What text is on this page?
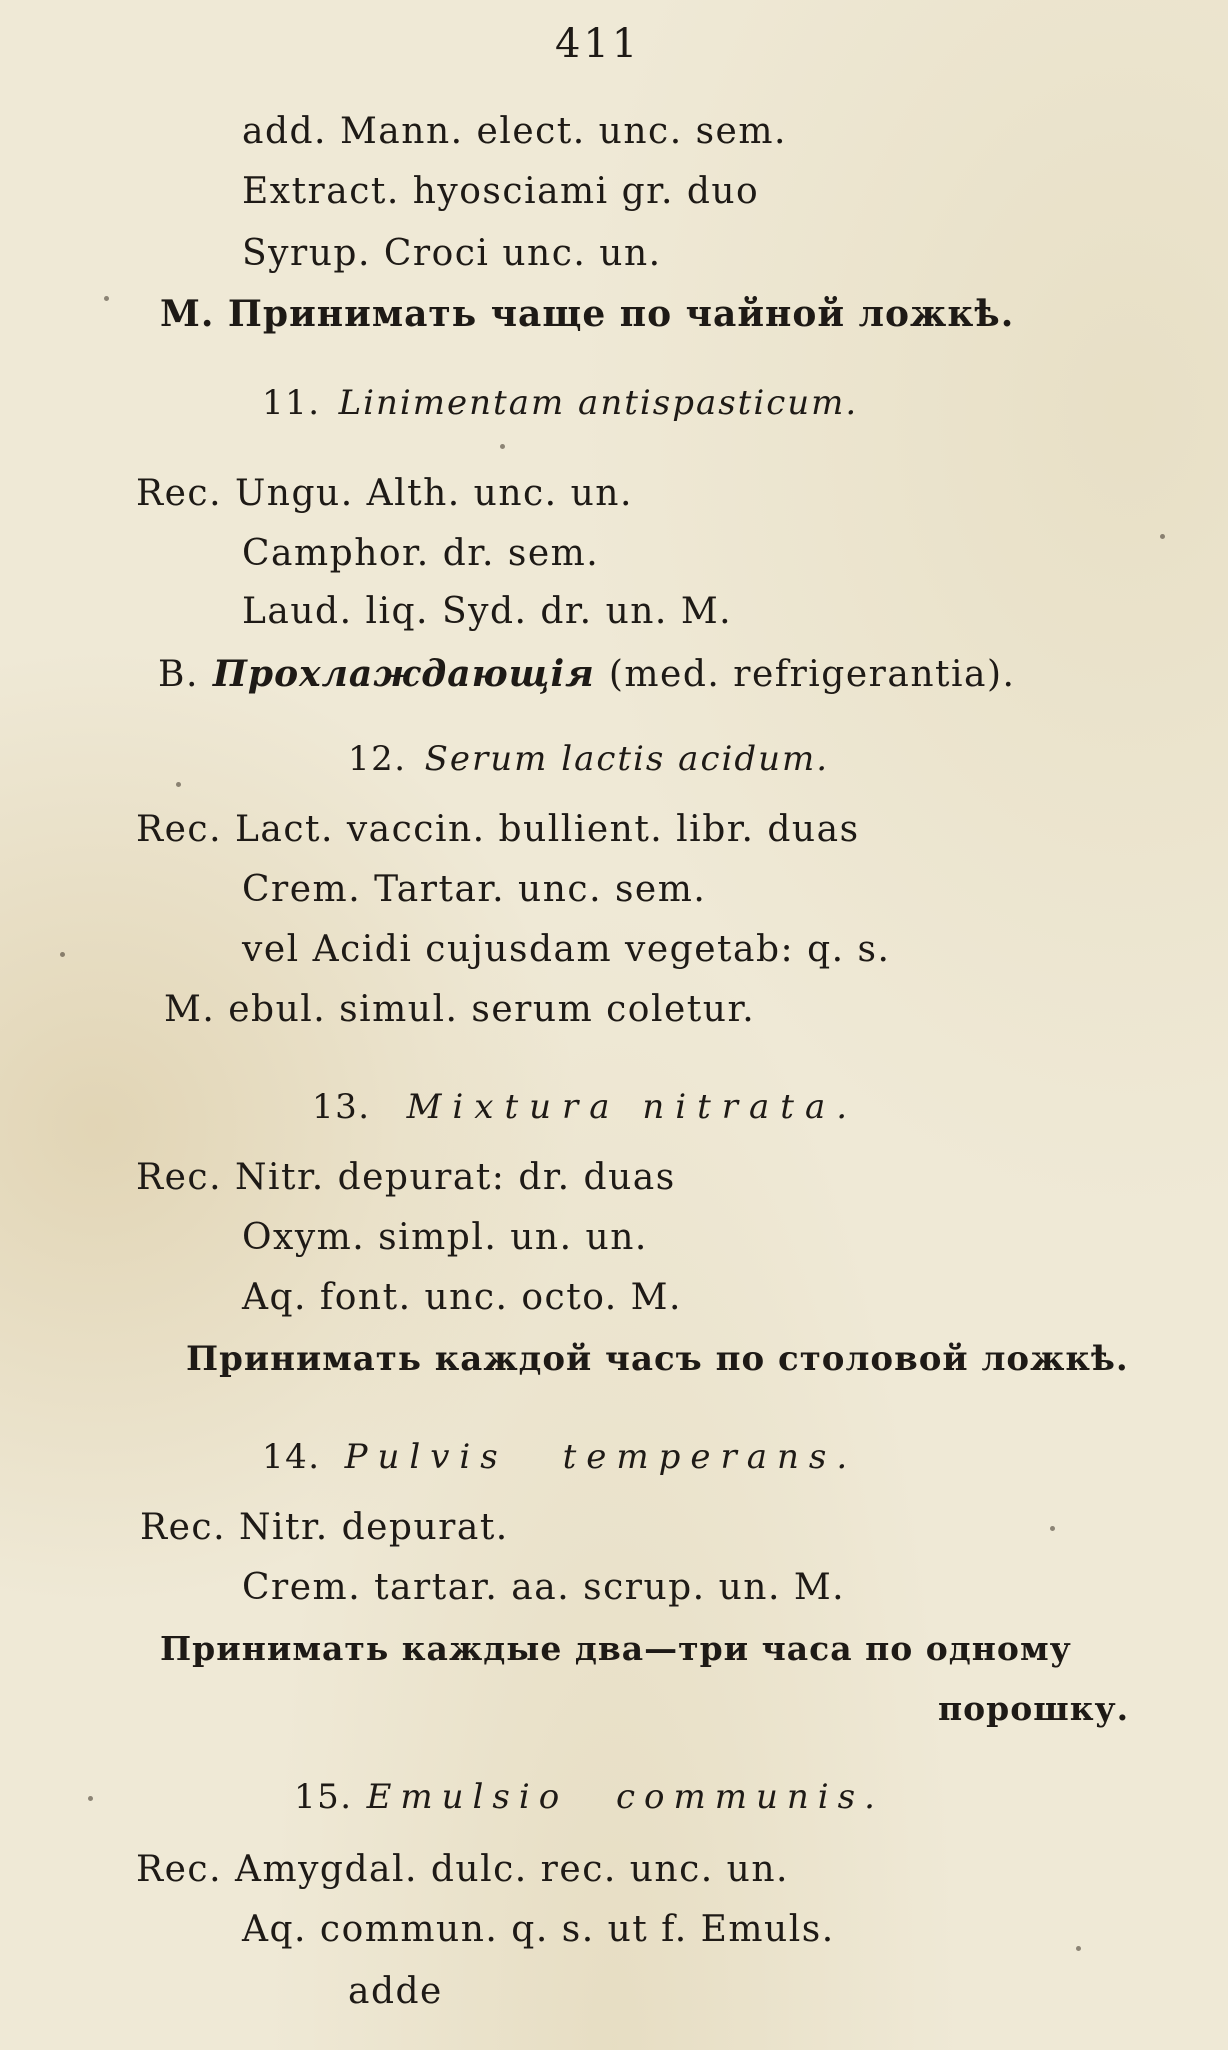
411
add. Mann. elect. unc. sem.
Extract. hyosciami gr. duo
Syrup. Croci unc. un.
M. Принимать чаще по чайной ложкѣ.
11. Linimentam antispasticum.
Rec. Ungu. Alth. unc. un.
Camphor. dr. sem.
Laud. liq. Syd. dr. un. M.
B. Прохлаждающія (med. refrigerantia).
12. Serum lactis acidum.
Rec. Lact. vaccin. bullient. libr. duas
Crem. Tartar. unc. sem.
vel Acidi cujusdam vegetab: q. s.
M. ebul. simul. serum coletur.
13. Mixtura nitrata.
Rec. Nitr. depurat: dr. duas
Oxym. simpl. un. un.
Aq. font. unc. octo. M.
Принимать каждой часъ по столовой ложкѣ.
14. Pulvis temperans.
Rec. Nitr. depurat.
Crem. tartar. aa. scrup. un. M.
Принимать каждые два—три часа по одному
порошку.
15. Emulsio communis.
Rec. Amygdal. dulc. rec. unc. un.
Aq. commun. q. s. ut f. Emuls.
adde
